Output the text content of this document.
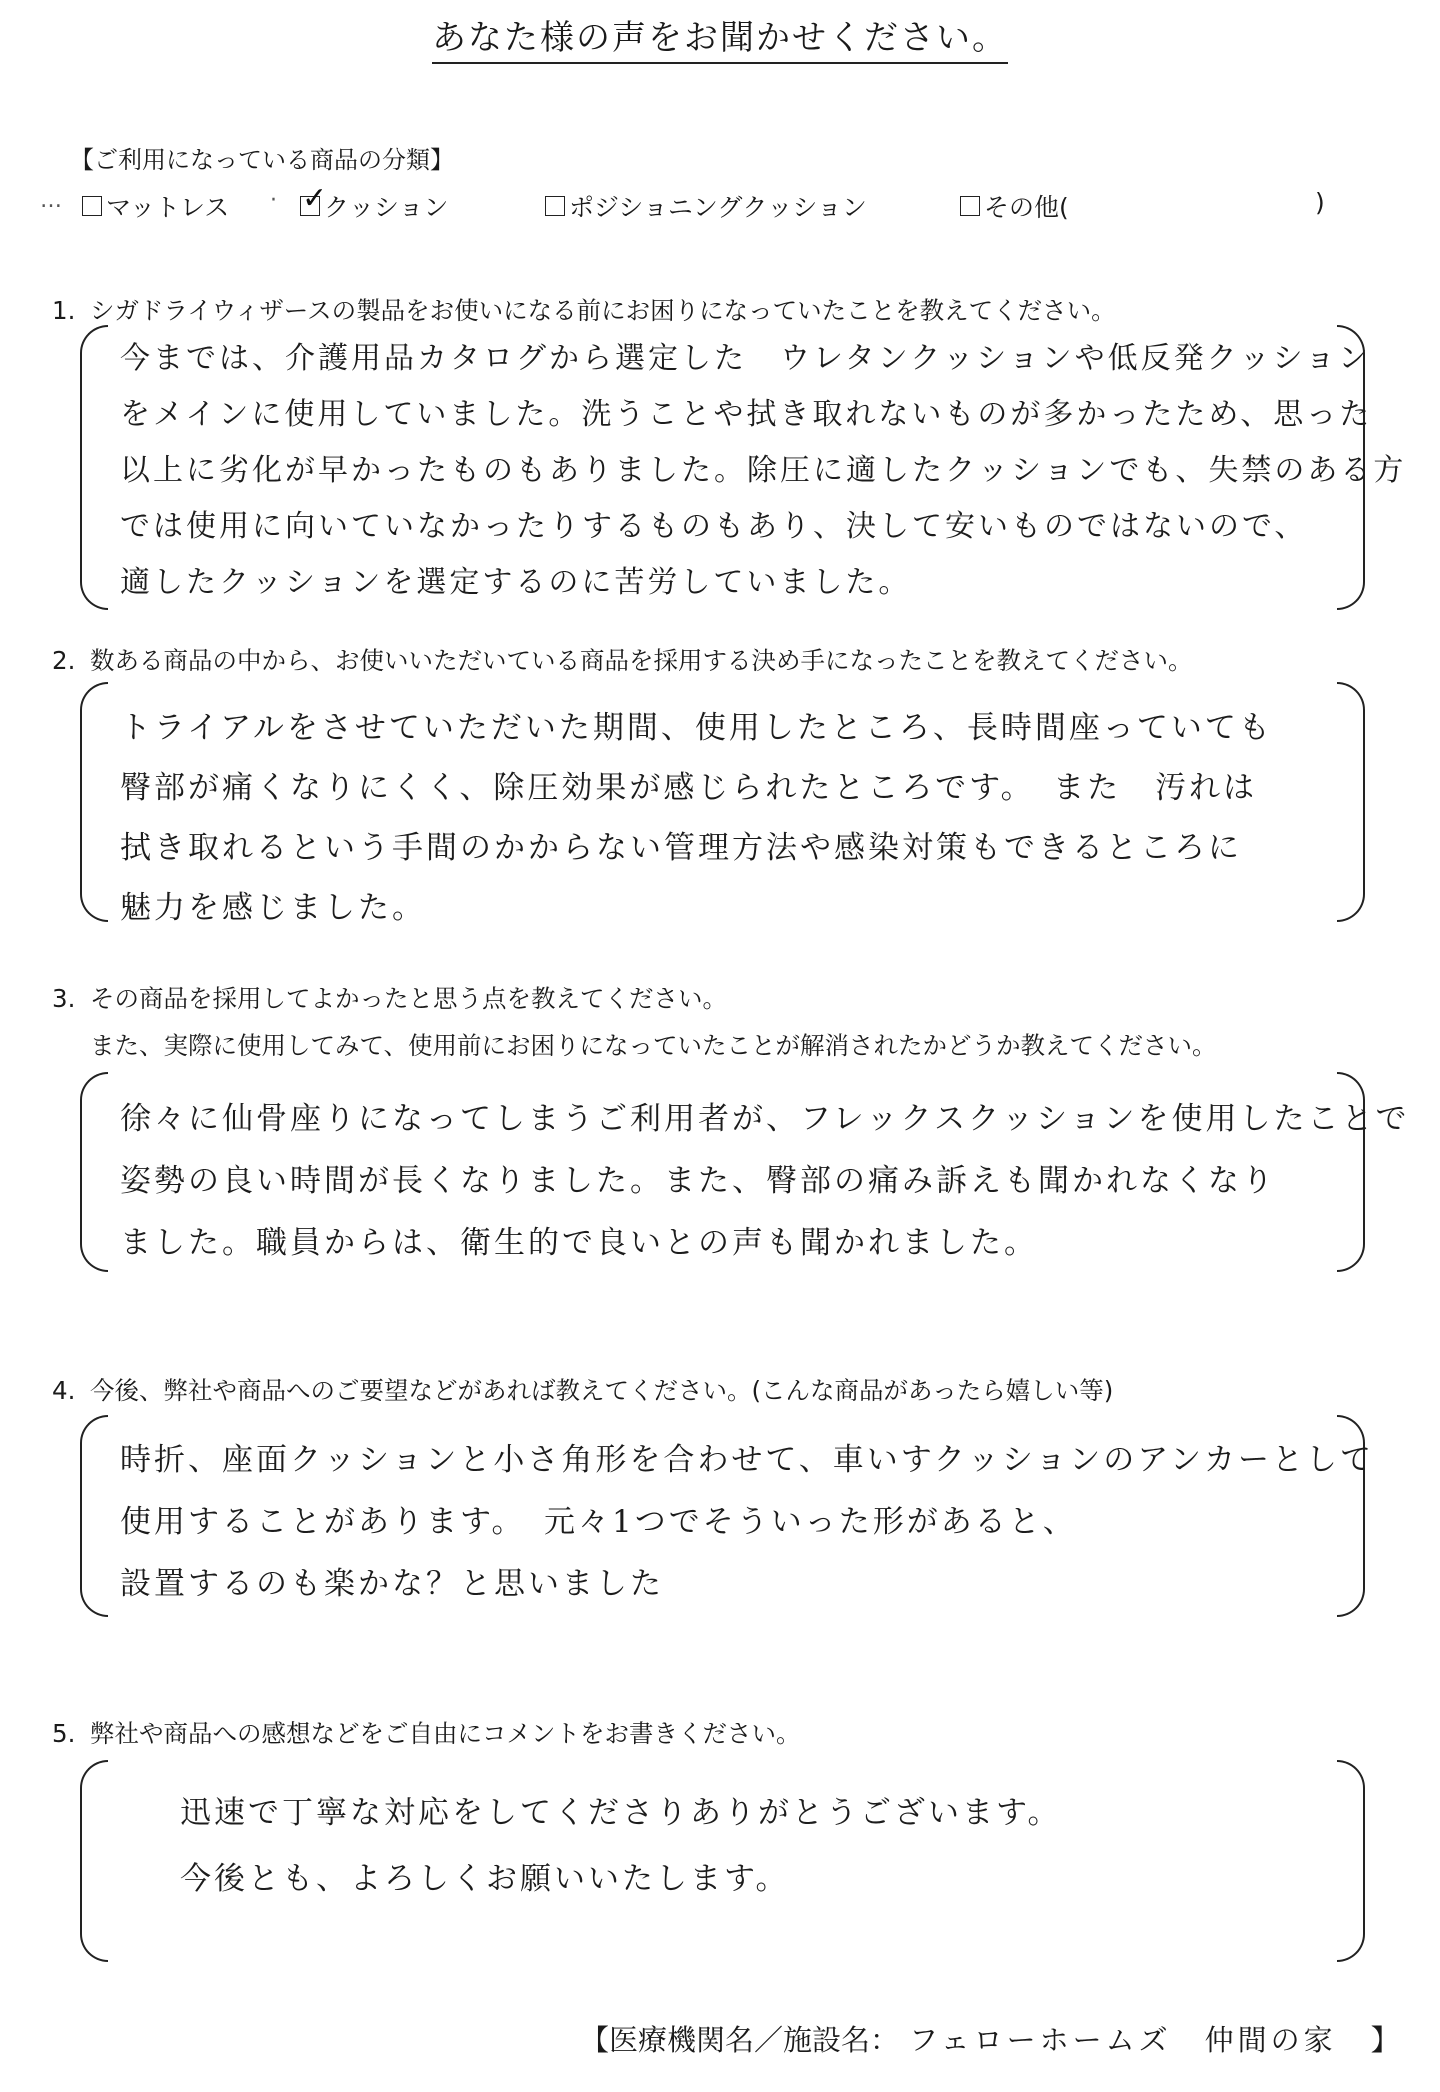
あなた様の声をお聞かせください。
【ご利用になっている商品の分類】
… マットレス ·
✓ クッション	ポジショニングクッション	その他(	)
1. シガドライウィザースの製品をお使いになる前にお困りになっていたことを教えてください。
今までは、介護用品カタログから選定した　ウレタンクッションや低反発クッション
をメインに使用していました。洗うことや拭き取れないものが多かったため、思った
以上に劣化が早かったものもありました。除圧に適したクッションでも、失禁のある方
では使用に向いていなかったりするものもあり、決して安いものではないので、
適したクッションを選定するのに苦労していました。
2. 数ある商品の中から、お使いいただいている商品を採用する決め手になったことを教えてください。
トライアルをさせていただいた期間、使用したところ、長時間座っていても
臀部が痛くなりにくく、除圧効果が感じられたところです。　また　汚れは
拭き取れるという手間のかからない管理方法や感染対策もできるところに
魅力を感じました。
3. その商品を採用してよかったと思う点を教えてください。
また、実際に使用してみて、使用前にお困りになっていたことが解消されたかどうか教えてください。
徐々に仙骨座りになってしまうご利用者が、フレックスクッションを使用したことで
姿勢の良い時間が長くなりました。また、臀部の痛み訴えも聞かれなくなり
ました。職員からは、衛生的で良いとの声も聞かれました。
4. 今後、弊社や商品へのご要望などがあれば教えてください。(こんな商品があったら嬉しい等)
時折、座面クッションと小さ角形を合わせて、車いすクッションのアンカーとして
使用することがあります。　元々1つでそういった形があると、
設置するのも楽かな？と思いました
5. 弊社や商品への感想などをご自由にコメントをお書きください。
迅速で丁寧な対応をしてくださりありがとうございます。
今後とも、よろしくお願いいたします。
【医療機関名／施設名： フェローホームズ　仲間の家 】
